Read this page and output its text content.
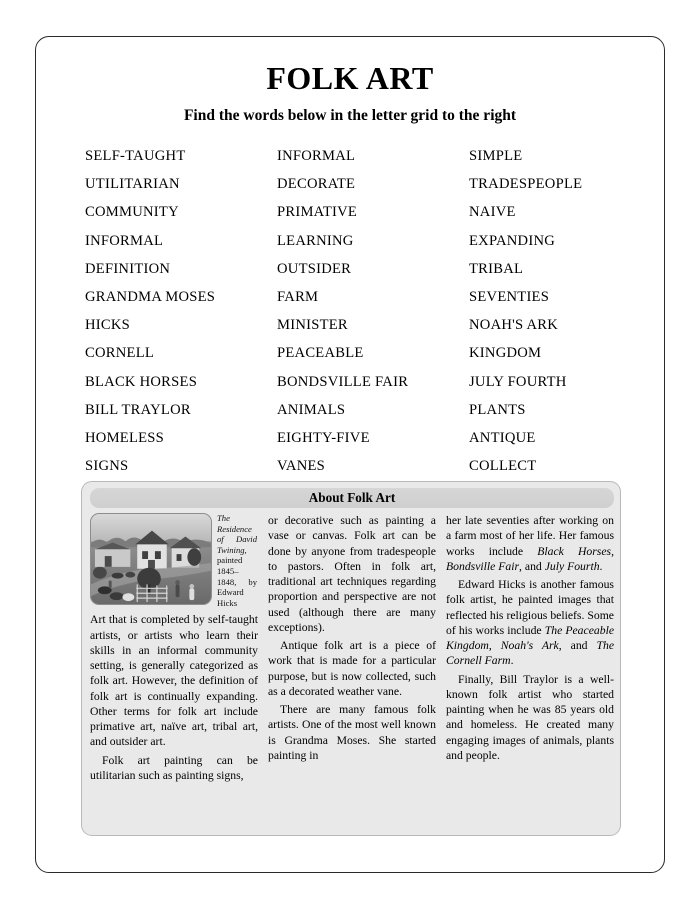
FOLK ART
Find the words below in the letter grid to the right
SELF-TAUGHT
UTILITARIAN
COMMUNITY
INFORMAL
DEFINITION
GRANDMA MOSES
HICKS
CORNELL
BLACK HORSES
BILL TRAYLOR
HOMELESS
SIGNS
INFORMAL
DECORATE
PRIMATIVE
LEARNING
OUTSIDER
FARM
MINISTER
PEACEABLE
BONDSVILLE FAIR
ANIMALS
EIGHTY-FIVE
VANES
SIMPLE
TRADESPEOPLE
NAIVE
EXPANDING
TRIBAL
SEVENTIES
NOAH'S ARK
KINGDOM
JULY FOURTH
PLANTS
ANTIQUE
COLLECT
About Folk Art
The Residence of David Twining, painted 1845–1848, by Edward Hicks

Art that is completed by self-taught artists, or artists who learn their skills in an informal community setting, is generally categorized as folk art. However, the definition of folk art is continually expanding. Other terms for folk art include primative art, naïve art, tribal art, and outsider art.

Folk art painting can be utilitarian such as painting signs,

or decorative such as painting a vase or canvas. Folk art can be done by anyone from tradespeople to pastors. Often in folk art, traditional art techniques regarding proportion and perspective are not used (although there are many exceptions).

Antique folk art is a piece of work that is made for a particular purpose, but is now collected, such as a decorated weather vane.

There are many famous folk artists. One of the most well known is Grandma Moses. She started painting in

her late seventies after working on a farm most of her life. Her famous works include Black Horses, Bondsville Fair, and July Fourth.

Edward Hicks is another famous folk artist, he painted images that reflected his religious beliefs. Some of his works include The Peaceable Kingdom, Noah's Ark, and The Cornell Farm.

Finally, Bill Traylor is a well-known folk artist who started painting when he was 85 years old and homeless. He created many engaging images of animals, plants and people.
